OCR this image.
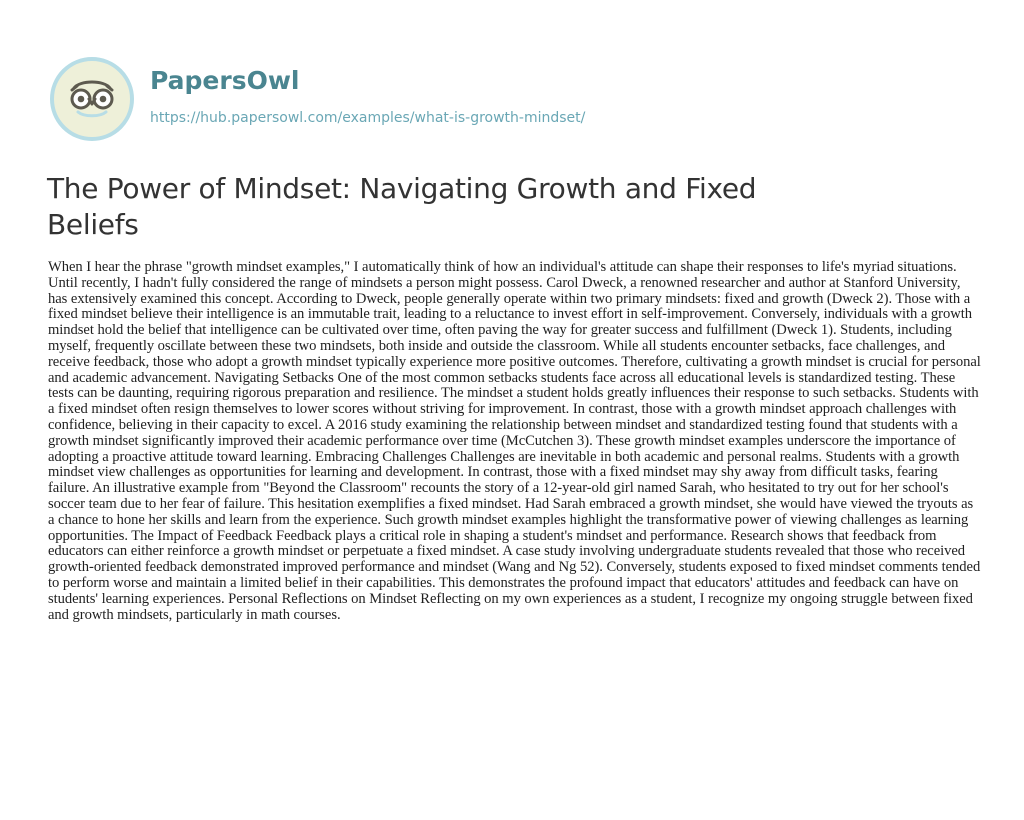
PapersOwl
https://hub.papersowl.com/examples/what-is-growth-mindset/
The Power of Mindset: Navigating Growth and Fixed Beliefs

When I hear the phrase "growth mindset examples," I automatically think of how an individual's attitude can shape their responses to life's myriad situations. Until recently, I hadn't fully considered the range of mindsets a person might possess. Carol Dweck, a renowned researcher and author at Stanford University, has extensively examined this concept. According to Dweck, people generally operate within two primary mindsets: fixed and growth (Dweck 2). Those with a fixed mindset believe their intelligence is an immutable trait, leading to a reluctance to invest effort in self-improvement. Conversely, individuals with a growth mindset hold the belief that intelligence can be cultivated over time, often paving the way for greater success and fulfillment (Dweck 1). Students, including myself, frequently oscillate between these two mindsets, both inside and outside the classroom. While all students encounter setbacks, face challenges, and receive feedback, those who adopt a growth mindset typically experience more positive outcomes. Therefore, cultivating a growth mindset is crucial for personal and academic advancement. Navigating Setbacks One of the most common setbacks students face across all educational levels is standardized testing. These tests can be daunting, requiring rigorous preparation and resilience. The mindset a student holds greatly influences their response to such setbacks. Students with a fixed mindset often resign themselves to lower scores without striving for improvement. In contrast, those with a growth mindset approach challenges with confidence, believing in their capacity to excel. A 2016 study examining the relationship between mindset and standardized testing found that students with a growth mindset significantly improved their academic performance over time (McCutchen 3). These growth mindset examples underscore the importance of adopting a proactive attitude toward learning. Embracing Challenges Challenges are inevitable in both academic and personal realms. Students with a growth mindset view challenges as opportunities for learning and development. In contrast, those with a fixed mindset may shy away from difficult tasks, fearing failure. An illustrative example from "Beyond the Classroom" recounts the story of a 12-year-old girl named Sarah, who hesitated to try out for her school's soccer team due to her fear of failure. This hesitation exemplifies a fixed mindset. Had Sarah embraced a growth mindset, she would have viewed the tryouts as a chance to hone her skills and learn from the experience. Such growth mindset examples highlight the transformative power of viewing challenges as learning opportunities. The Impact of Feedback Feedback plays a critical role in shaping a student's mindset and performance. Research shows that feedback from educators can either reinforce a growth mindset or perpetuate a fixed mindset. A case study involving undergraduate students revealed that those who received growth-oriented feedback demonstrated improved performance and mindset (Wang and Ng 52). Conversely, students exposed to fixed mindset comments tended to perform worse and maintain a limited belief in their capabilities. This demonstrates the profound impact that educators' attitudes and feedback can have on students' learning experiences. Personal Reflections on Mindset Reflecting on my own experiences as a student, I recognize my ongoing struggle between fixed and growth mindsets, particularly in math courses.
